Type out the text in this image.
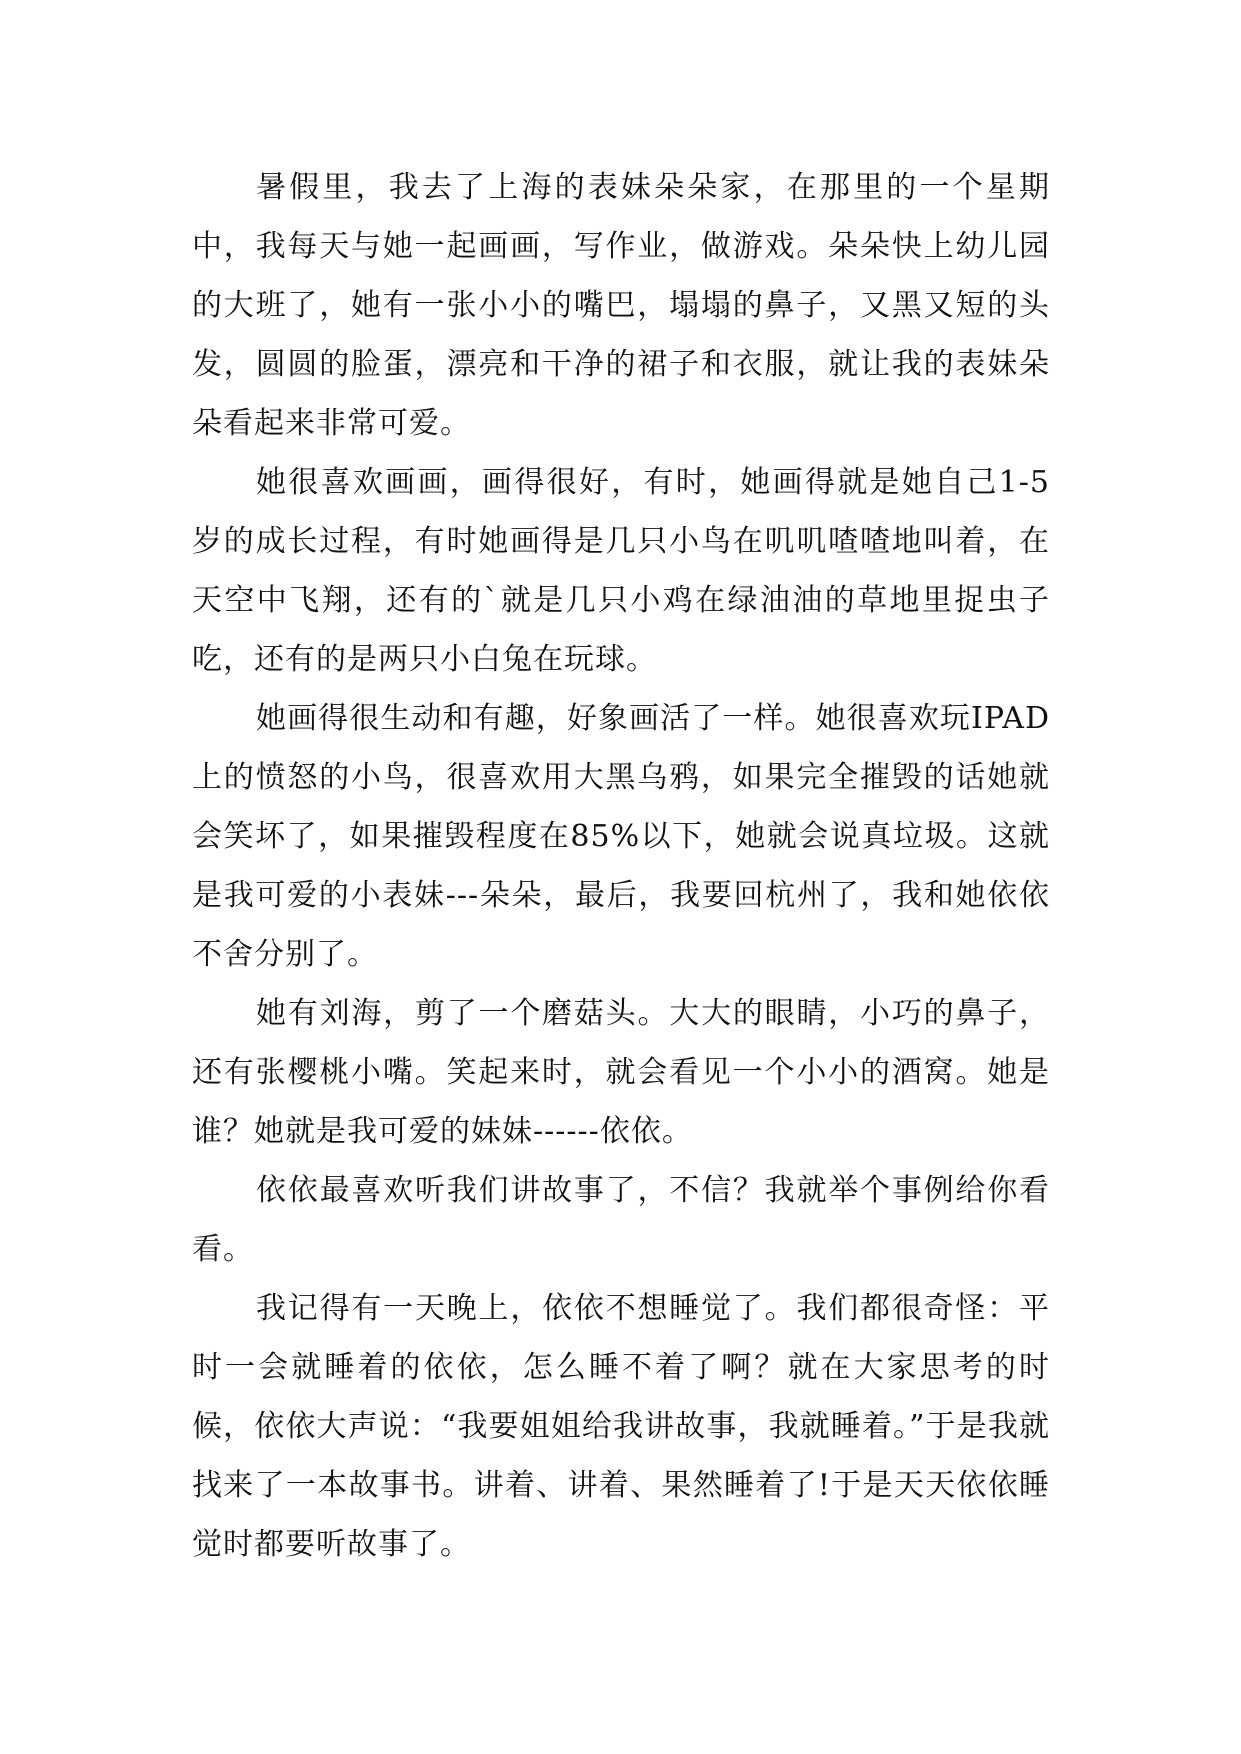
暑假里，我去了上海的表妹朵朵家，在那里的一个星期中，我每天与她一起画画，写作业，做游戏。朵朵快上幼儿园的大班了，她有一张小小的嘴巴，塌塌的鼻子，又黑又短的头发，圆圆的脸蛋，漂亮和干净的裙子和衣服，就让我的表妹朵朵看起来非常可爱。

她很喜欢画画，画得很好，有时，她画得就是她自己1-5岁的成长过程，有时她画得是几只小鸟在叽叽喳喳地叫着，在天空中飞翔，还有的`就是几只小鸡在绿油油的草地里捉虫子吃，还有的是两只小白兔在玩球。

她画得很生动和有趣，好象画活了一样。她很喜欢玩IPAD上的愤怒的小鸟，很喜欢用大黑乌鸦，如果完全摧毁的话她就会笑坏了，如果摧毁程度在85%以下，她就会说真垃圾。这就是我可爱的小表妹---朵朵，最后，我要回杭州了，我和她依依不舍分别了。

她有刘海，剪了一个磨菇头。大大的眼睛，小巧的鼻子，还有张樱桃小嘴。笑起来时，就会看见一个小小的酒窝。她是谁？她就是我可爱的妹妹------依依。

依依最喜欢听我们讲故事了，不信？我就举个事例给你看看。

我记得有一天晚上，依依不想睡觉了。我们都很奇怪：平时一会就睡着的依依，怎么睡不着了啊？就在大家思考的时候，依依大声说：“我要姐姐给我讲故事，我就睡着。”于是我就找来了一本故事书。讲着、讲着、果然睡着了!于是天天依依睡觉时都要听故事了。
